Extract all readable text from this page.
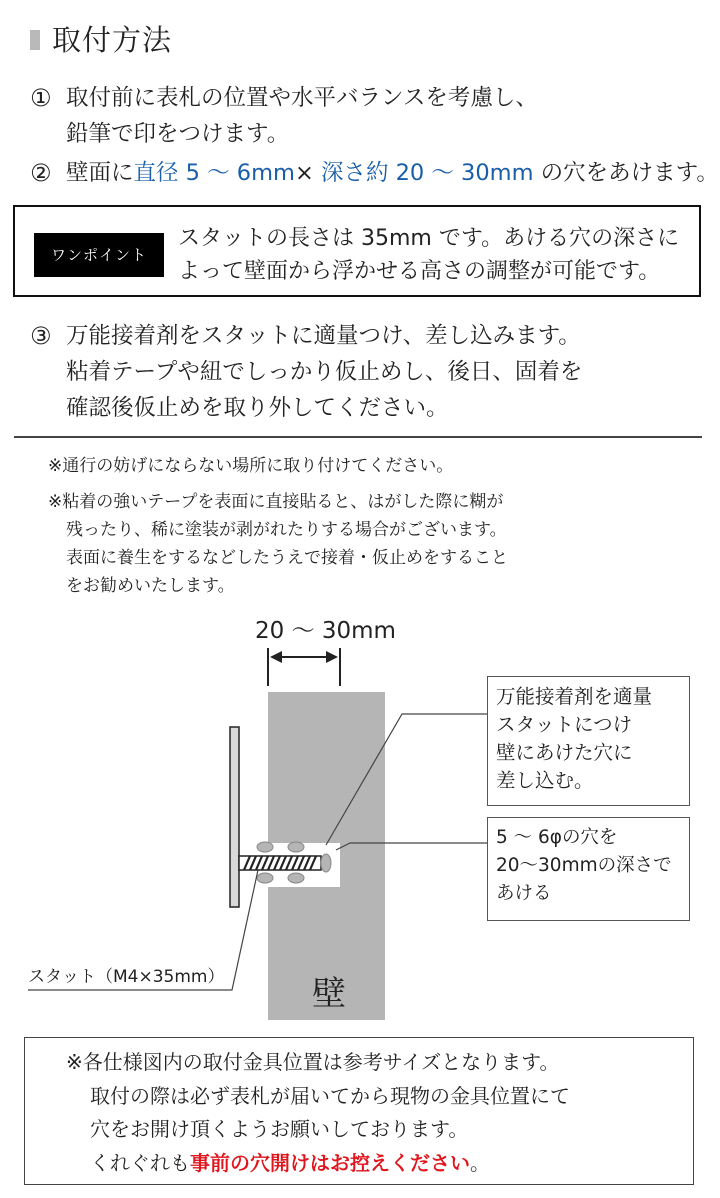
取付方法
① 取付前に表札の位置や水平バランスを考慮し、
鉛筆で印をつけます。
② 壁面に直径 5 ～ 6mm× 深さ約 20 ～ 30mm の穴をあけます。
ワンポイント
スタットの長さは 35mm です。あける穴の深さに
よって壁面から浮かせる高さの調整が可能です。
③ 万能接着剤をスタットに適量つけ、差し込みます。
粘着テープや紐でしっかり仮止めし、後日、固着を
確認後仮止めを取り外してください。
※通行の妨げにならない場所に取り付けてください。
※粘着の強いテープを表面に直接貼ると、はがした際に糊が
残ったり、稀に塗装が剥がれたりする場合がございます。
表面に養生をするなどしたうえで接着・仮止めをすること
をお勧めいたします。
20 ～ 30mm
万能接着剤を適量
スタットにつけ
壁にあけた穴に
差し込む。
5 ～ 6φの穴を
20～30mmの深さで
あける
スタット（M4×35mm）	壁
※各仕様図内の取付金具位置は参考サイズとなります。
取付の際は必ず表札が届いてから現物の金具位置にて
穴をお開け頂くようお願いしております。
くれぐれも事前の穴開けはお控えください。
